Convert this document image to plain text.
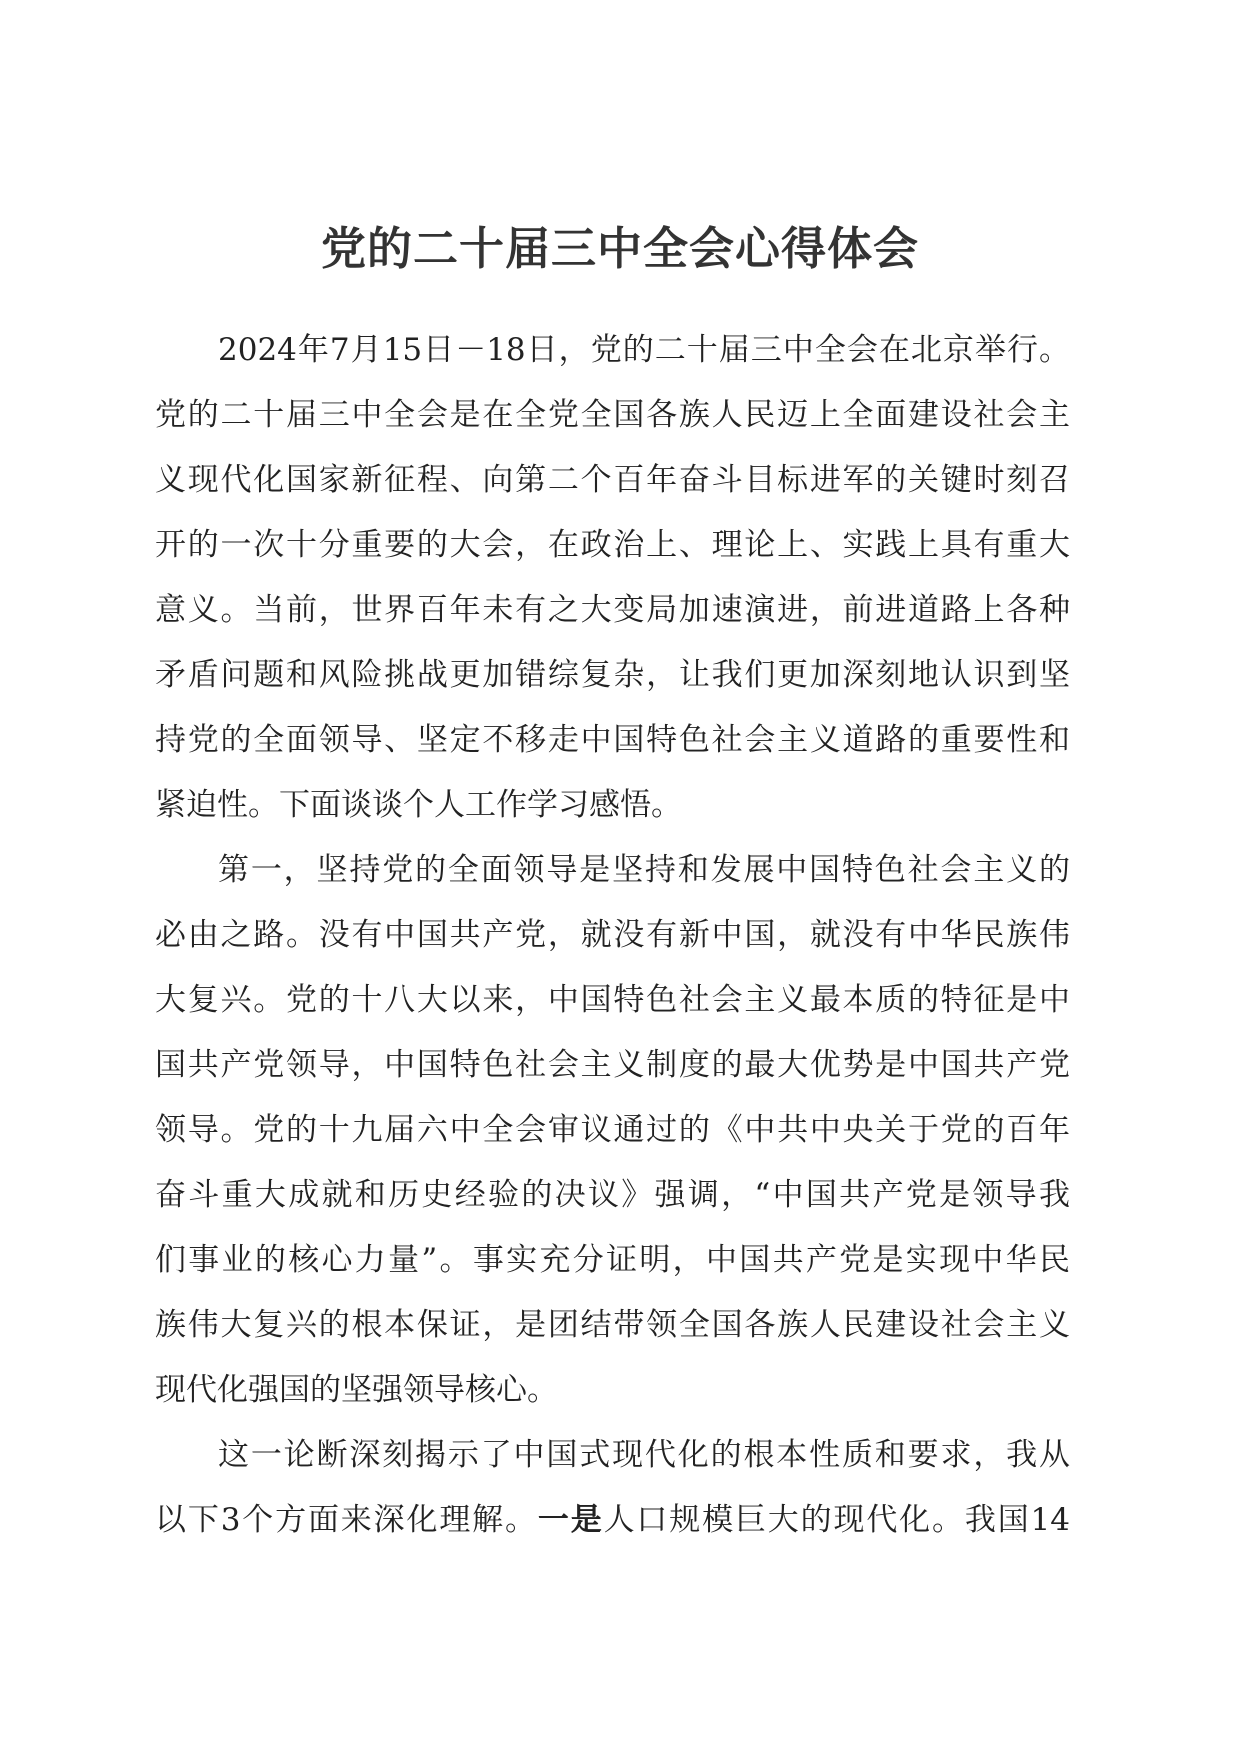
党的二十届三中全会心得体会
2024年7月15日－18日，党的二十届三中全会在北京举行。
党的二十届三中全会是在全党全国各族人民迈上全面建设社会主
义现代化国家新征程、向第二个百年奋斗目标进军的关键时刻召
开的一次十分重要的大会，在政治上、理论上、实践上具有重大
意义。当前，世界百年未有之大变局加速演进，前进道路上各种
矛盾问题和风险挑战更加错综复杂，让我们更加深刻地认识到坚
持党的全面领导、坚定不移走中国特色社会主义道路的重要性和
紧迫性。下面谈谈个人工作学习感悟。
第一，坚持党的全面领导是坚持和发展中国特色社会主义的
必由之路。没有中国共产党，就没有新中国，就没有中华民族伟
大复兴。党的十八大以来，中国特色社会主义最本质的特征是中
国共产党领导，中国特色社会主义制度的最大优势是中国共产党
领导。党的十九届六中全会审议通过的《中共中央关于党的百年
奋斗重大成就和历史经验的决议》强调，“中国共产党是领导我
们事业的核心力量”。事实充分证明，中国共产党是实现中华民
族伟大复兴的根本保证，是团结带领全国各族人民建设社会主义
现代化强国的坚强领导核心。
这一论断深刻揭示了中国式现代化的根本性质和要求，我从
以下3个方面来深化理解。一是人口规模巨大的现代化。我国14
